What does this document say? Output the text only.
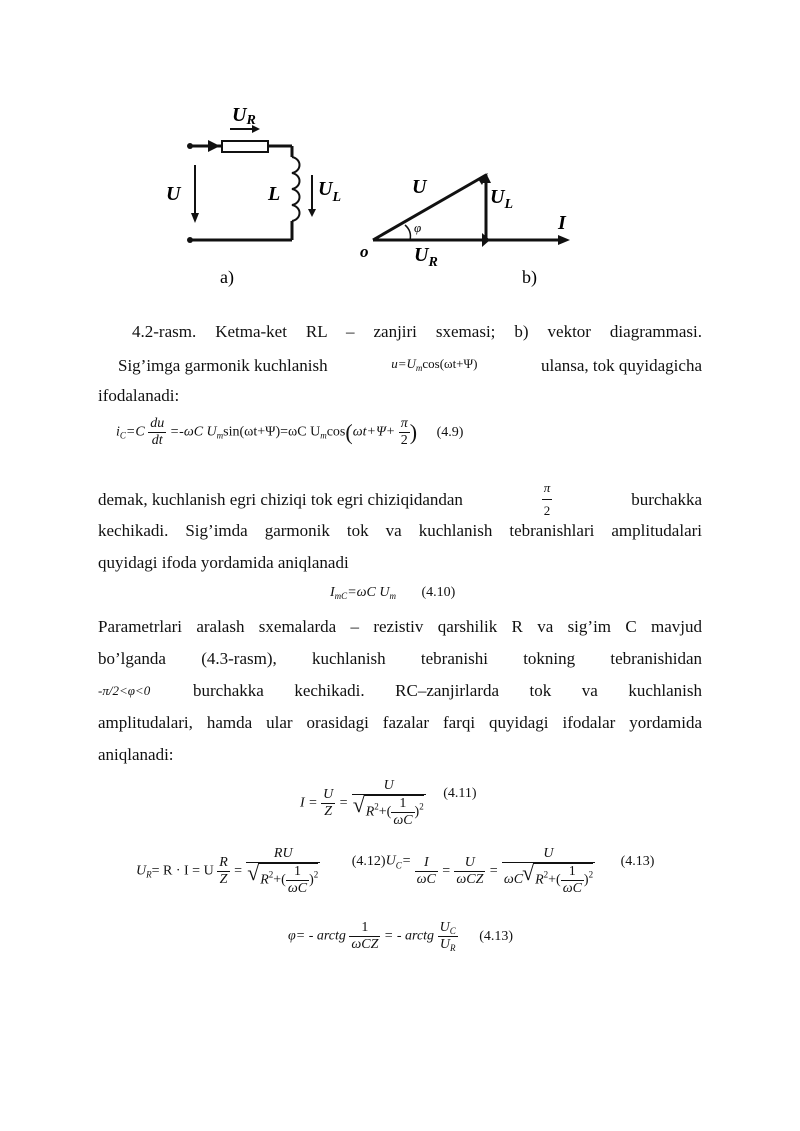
UR
U	L $U_L$
a)
U	$U_L$
I
φ
o $U_R$
b)
4.2-rasm. Ketma-ket RL – zanjiri sxemasi; b) vektor diagrammasi.
Sig’imga garmonik kuchlanish	$u=U_m\cos(\omega t+\Psi)$	ulansa, tok quyidagicha
ifodalanadi:
$i_C=C \frac{du}{dt} =-\omega C$ $U_m\sin(\omega t+\Psi)=\omega C$ $U_m\cos(\omega t+\Psi+ \frac{\pi}{2}$ ) (4.9)
demak, kuchlanish egri chiziqi tok egri chiziqidandan	$\frac{\pi}{2}$	burchakka
kechikadi. Sig’imda garmonik tok va kuchlanish tebranishlari amplitudalari
quyidagi ifoda yordamida aniqlanadi
$I_{mC}=\omega C$ $U_m$ (4.10)
Parametrlari aralash sxemalarda – rezistiv qarshilik R va sig’im C mavjud
bo’lganda (4.3-rasm), kuchlanish tebranishi tokning tebranishidan
-π/2<φ<0	burchakka kechikadi. RC–zanjirlarda tok va kuchlanish
amplitudalari, hamda ular orasidagi fazalar farqi quyidagi ifodalar yordamida
aniqlanadi:
$I = \frac{U}{Z} = U$
√ $R^2+( \frac{1}{\omega C} )^2$ (4.11)
$U_R= R \cdot I = U \frac{R}{Z}$ = RU
√ $R^2+( \frac{1}{\omega C} )^2$ $(4.12)U^C= \frac{I}{\omega C} = \frac{U}{\text{ωCZ}} = \frac{U}{\omega C√ R^2+( \frac{1}{\omega C} )^2} (4.13)$
φ= - arctg $\frac{1}{\text{ωCZ}}$ = - arctg $\frac{U_C}{U_R} (4.13)$
